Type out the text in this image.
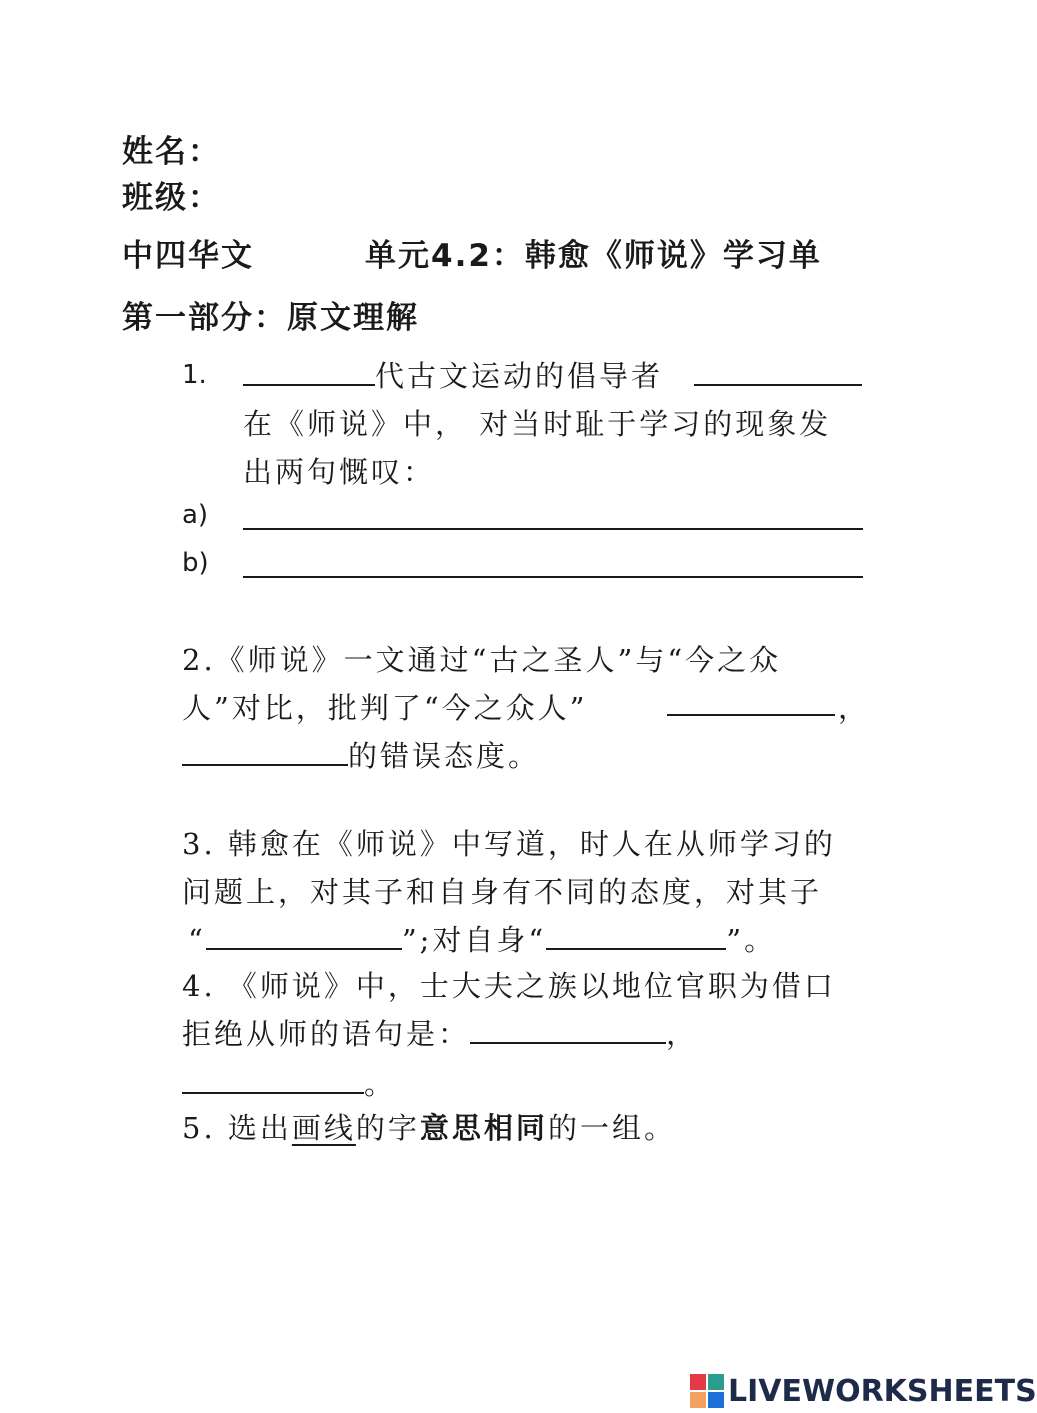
姓名：
班级：
中四华文	单元4.2：韩愈《师说》学习单
第一部分：原文理解
1.	代古文运动的倡导者
在《师说》中， 对当时耻于学习的现象发
出两句慨叹：
a)
b)
2.《师说》一文通过“古之圣人”与“今之众
人”对比，批判了“今之众人”	，
的错误态度。
3. 韩愈在《师说》中写道，时人在从师学习的
问题上，对其子和自身有不同的态度，对其子
“	”;对自身“	”。
4. 《师说》中，士大夫之族以地位官职为借口
拒绝从师的语句是：	，
。
5. 选出画线的字意思相同的一组。
LIVEWORKSHEETS
